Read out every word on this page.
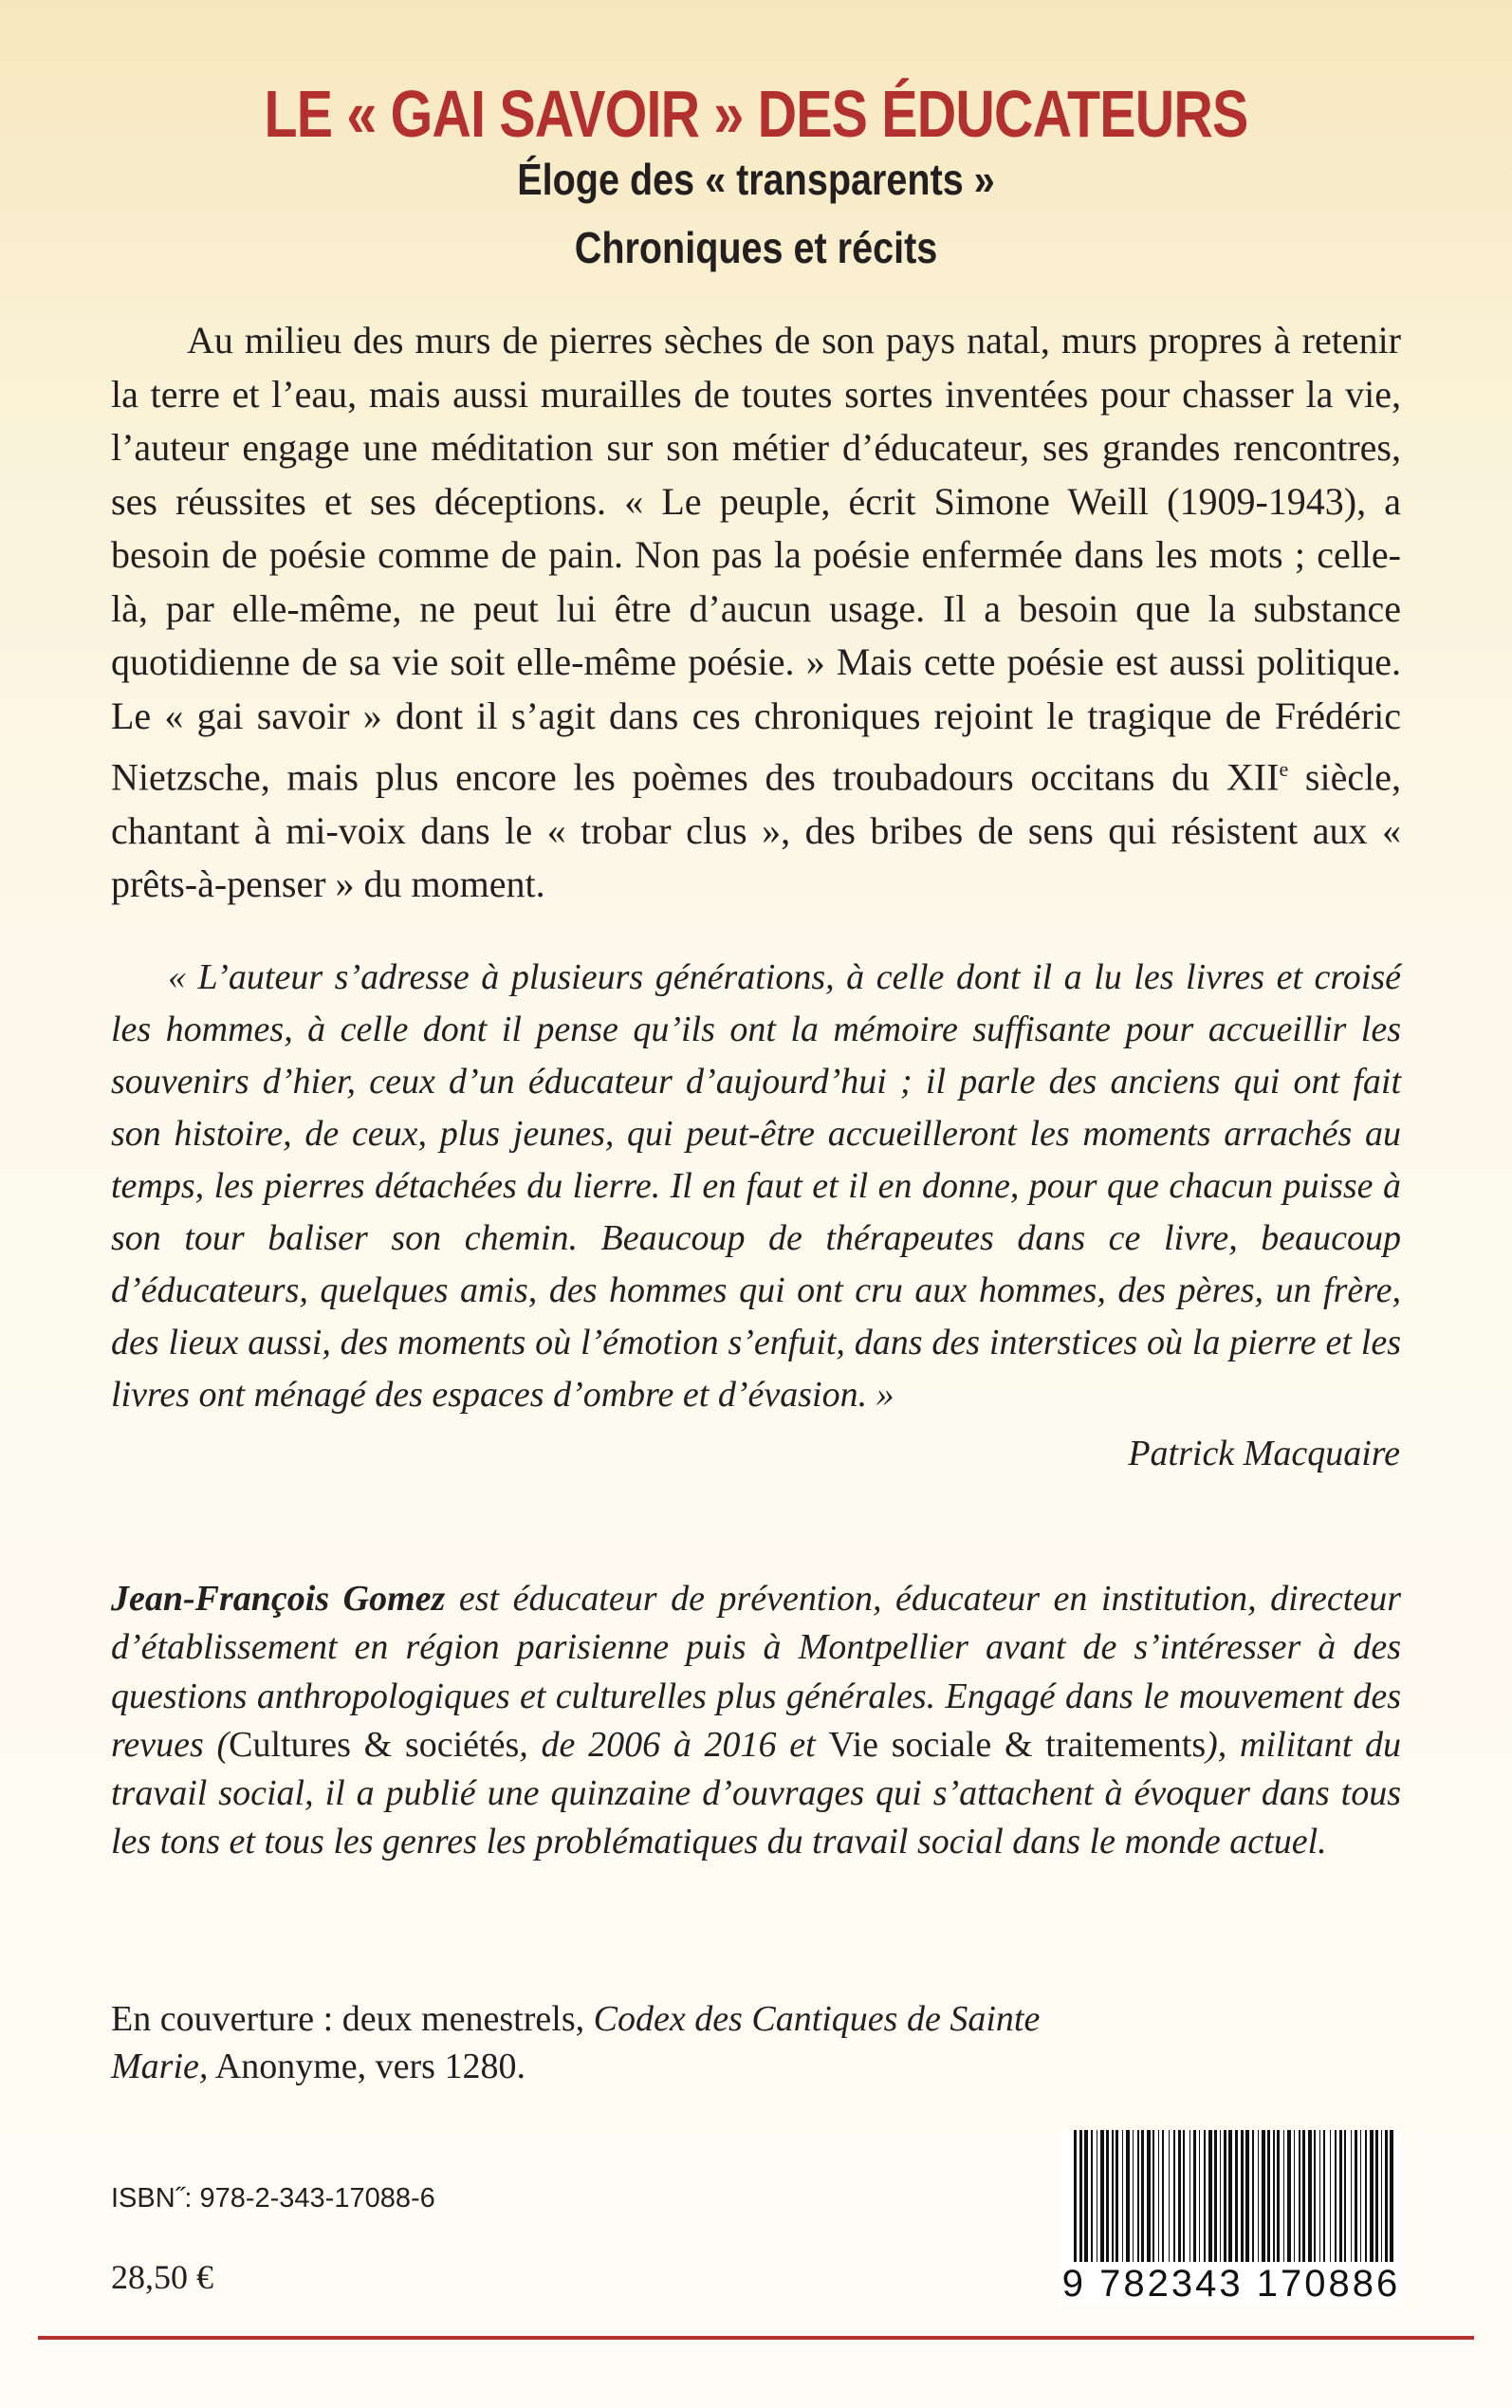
LE « GAI SAVOIR » DES ÉDUCATEURS
Éloge des « transparents »
Chroniques et récits

Au milieu des murs de pierres sèches de son pays natal, murs propres à retenir la terre et l’eau, mais aussi murailles de toutes sortes inventées pour chasser la vie, l’auteur engage une méditation sur son métier d’éducateur, ses grandes rencontres, ses réussites et ses déceptions. « Le peuple, écrit Simone Weill (1909-1943), a besoin de poésie comme de pain. Non pas la poésie enfermée dans les mots ; celle-là, par elle-même, ne peut lui être d’aucun usage. Il a besoin que la substance quotidienne de sa vie soit elle-même poésie. » Mais cette poésie est aussi politique. Le « gai savoir » dont il s’agit dans ces chroniques rejoint le tragique de Frédéric Nietzsche, mais plus encore les poèmes des troubadours occitans du XIIe siècle, chantant à mi-voix dans le « trobar clus », des bribes de sens qui résistent aux « prêts-à-penser » du moment.

« L’auteur s’adresse à plusieurs générations, à celle dont il a lu les livres et croisé les hommes, à celle dont il pense qu’ils ont la mémoire suffisante pour accueillir les souvenirs d’hier, ceux d’un éducateur d’aujourd’hui ; il parle des anciens qui ont fait son histoire, de ceux, plus jeunes, qui peut-être accueilleront les moments arrachés au temps, les pierres détachées du lierre. Il en faut et il en donne, pour que chacun puisse à son tour baliser son chemin. Beaucoup de thérapeutes dans ce livre, beaucoup d’éducateurs, quelques amis, des hommes qui ont cru aux hommes, des pères, un frère, des lieux aussi, des moments où l’émotion s’enfuit, dans des interstices où la pierre et les livres ont ménagé des espaces d’ombre et d’évasion. »

Patrick Macquaire

Jean-François Gomez est éducateur de prévention, éducateur en institution, directeur d’établissement en région parisienne puis à Montpellier avant de s’intéresser à des questions anthropologiques et culturelles plus générales. Engagé dans le mouvement des revues (Cultures & sociétés, de 2006 à 2016 et Vie sociale & traitements), militant du travail social, il a publié une quinzaine d’ouvrages qui s’attachent à évoquer dans tous les tons et tous les genres les problématiques du travail social dans le monde actuel.

En couverture : deux menestrels, Codex des Cantiques de Sainte Marie, Anonyme, vers 1280.

ISBN˝: 978-2-343-17088-6

28,50 €	9 782343 170886
